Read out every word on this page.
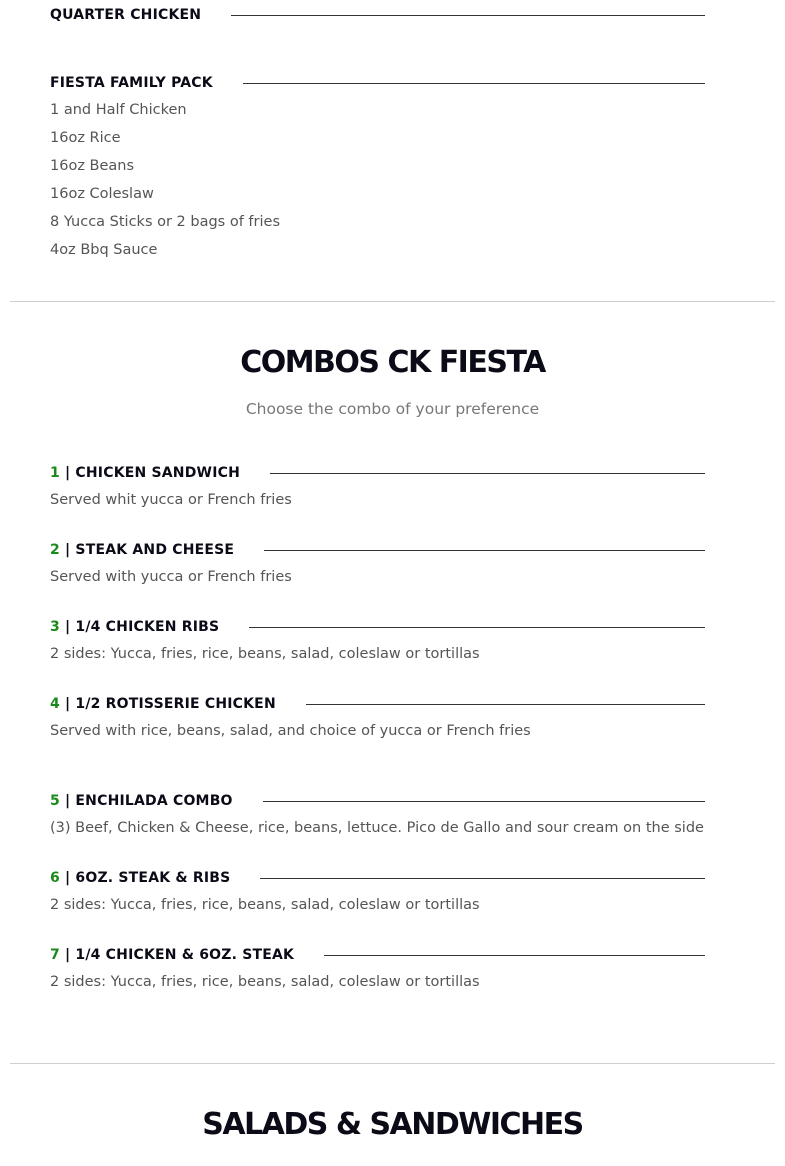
QUARTER CHICKEN
FIESTA FAMILY PACK
1 and Half Chicken
16oz Rice
16oz Beans
16oz Coleslaw
8 Yucca Sticks or 2 bags of fries
4oz Bbq Sauce
COMBOS CK FIESTA
Choose the combo of your preference
1 | CHICKEN SANDWICH
Served whit yucca or French fries
2 | STEAK AND CHEESE
Served with yucca or French fries
3 | 1/4 CHICKEN RIBS
2 sides: Yucca, fries, rice, beans, salad, coleslaw or tortillas
4 | 1/2 ROTISSERIE CHICKEN
Served with rice, beans, salad, and choice of yucca or French fries
5 | ENCHILADA COMBO
(3) Beef, Chicken & Cheese, rice, beans, lettuce. Pico de Gallo and sour cream on the side
6 | 6OZ. STEAK & RIBS
2 sides: Yucca, fries, rice, beans, salad, coleslaw or tortillas
7 | 1/4 CHICKEN & 6OZ. STEAK
2 sides: Yucca, fries, rice, beans, salad, coleslaw or tortillas
SALADS & SANDWICHES
